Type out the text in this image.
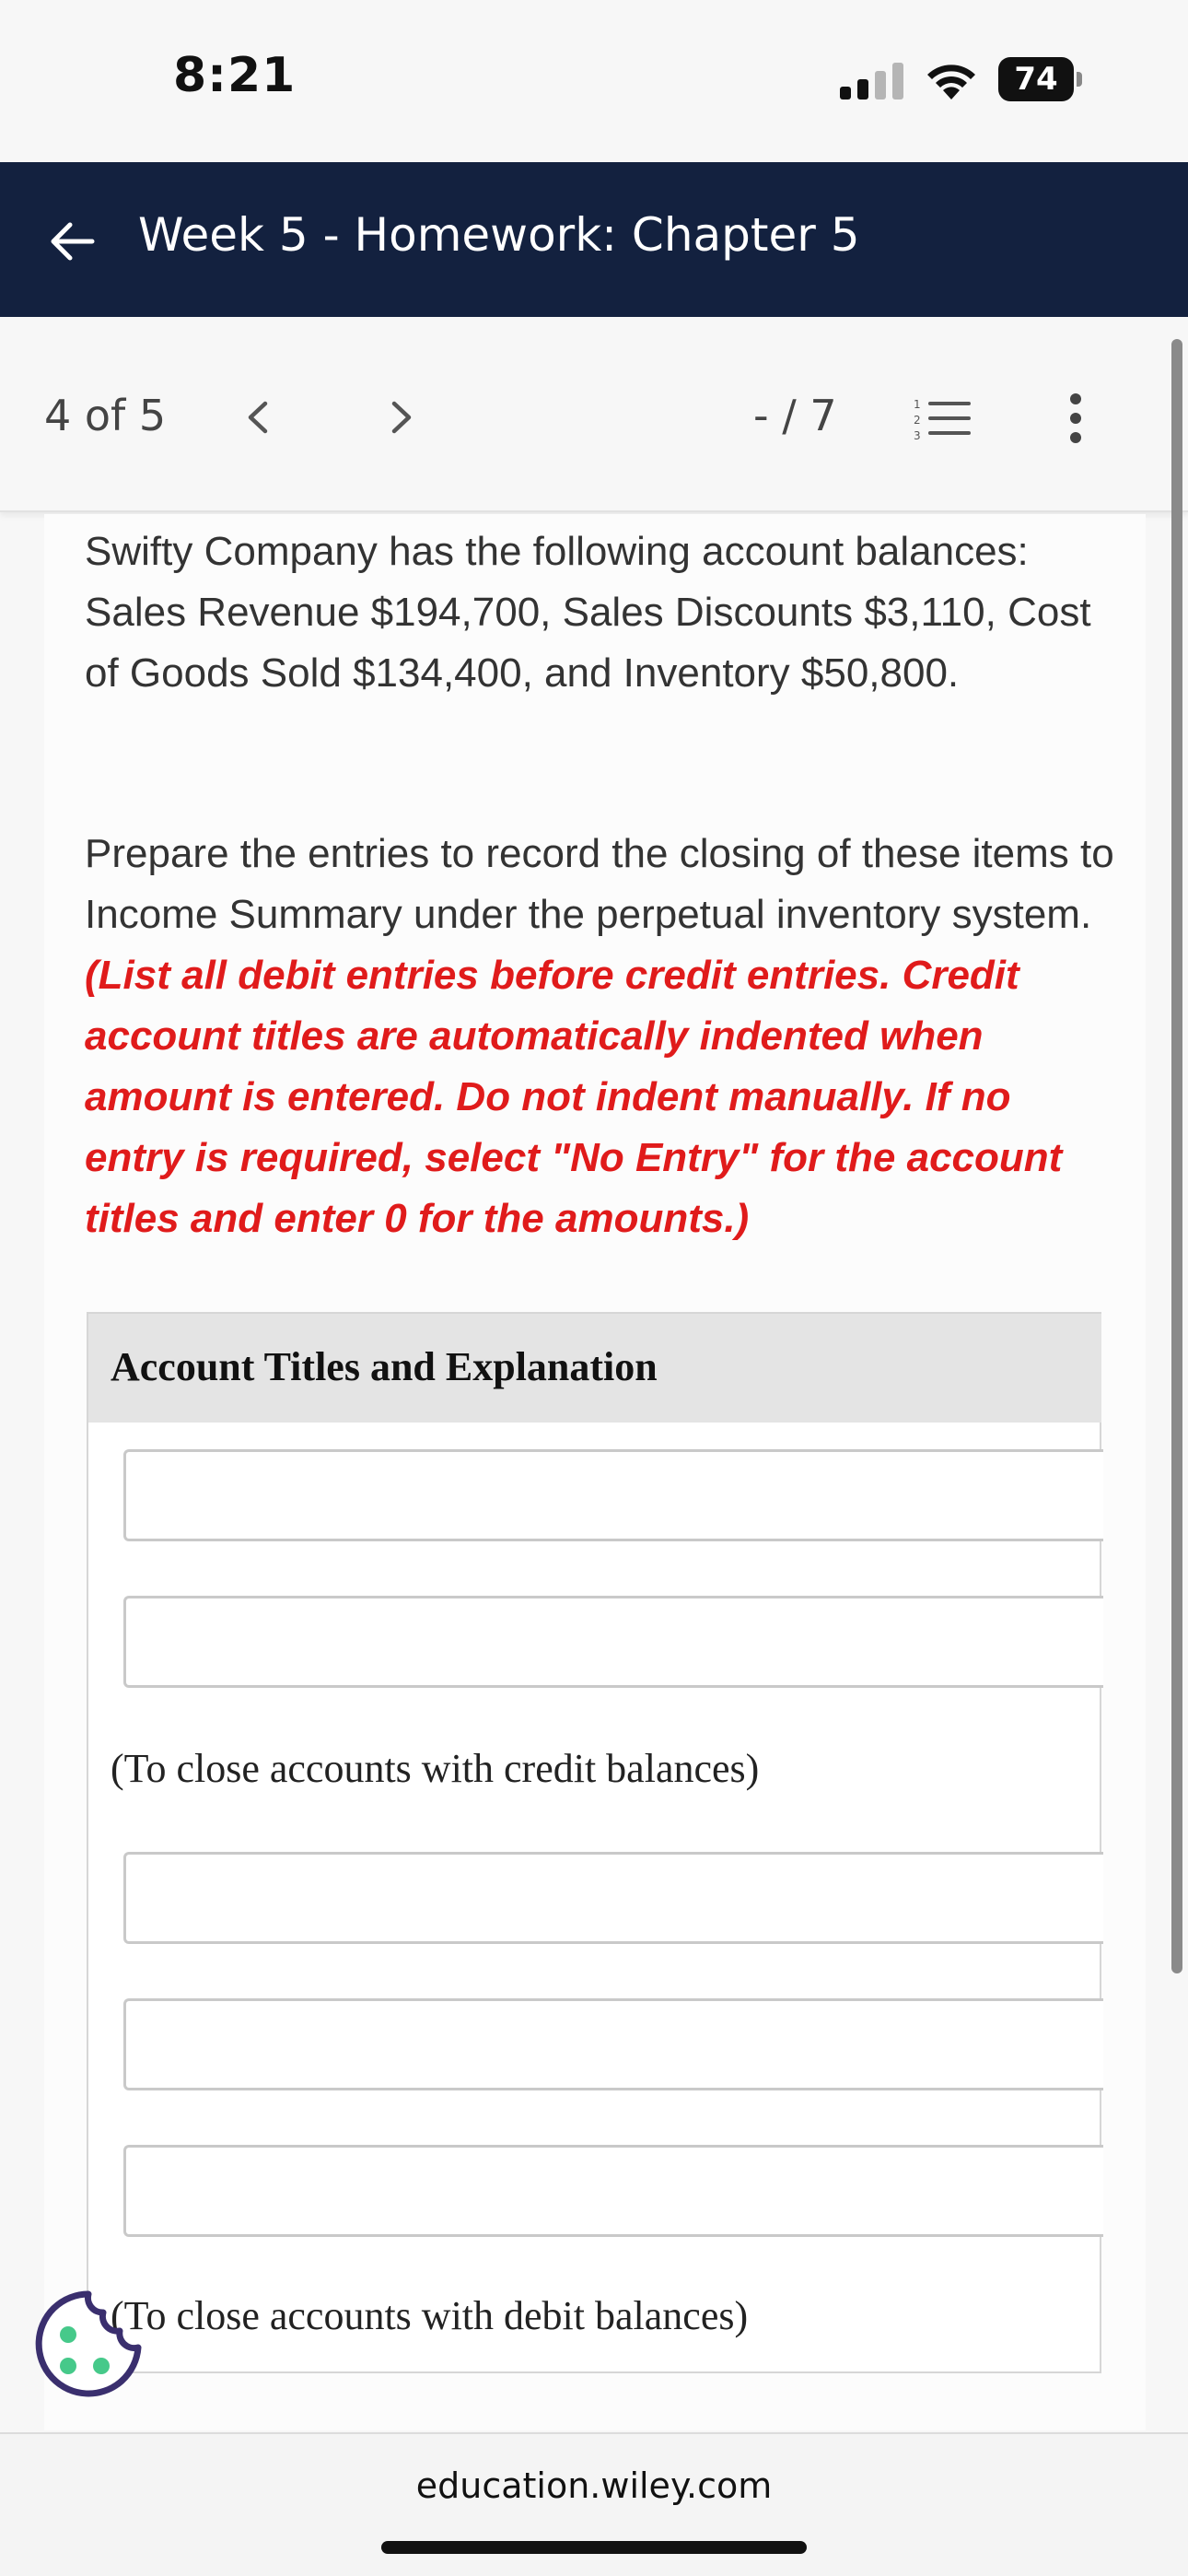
8:21	74
Week 5 - Homework: Chapter 5
4 of 5	- / 7	1
2
3

Swifty Company has the following account balances: Sales Revenue $194,700, Sales Discounts $3,110, Cost of Goods Sold $134,400, and Inventory $50,800.

Prepare the entries to record the closing of these items to Income Summary under the perpetual inventory system. (List all debit entries before credit entries. Credit account titles are automatically indented when amount is entered. Do not indent manually. If no entry is required, select "No Entry" for the account titles and enter 0 for the amounts.)

Account Titles and Explanation
(To close accounts with credit balances)
(To close accounts with debit balances)
education.wiley.com
